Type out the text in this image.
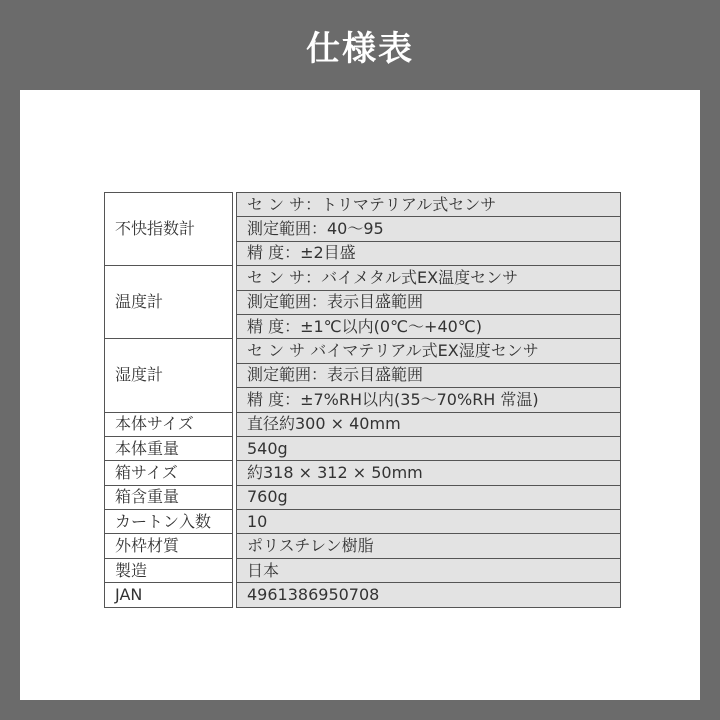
仕様表
不快指数計		セ ン サ：トリマテリアル式センサ
		測定範囲：40～95
		精 度：±2目盛
温度計		セ ン サ：バイメタル式EX温度センサ
		測定範囲：表示目盛範囲
		精 度：±1℃以内(0℃～+40℃)
湿度計		セ ン サ バイマテリアル式EX湿度センサ
		測定範囲：表示目盛範囲
		精 度：±7%RH以内(35～70%RH 常温)
本体サイズ		直径約300 × 40mm
本体重量		540g
箱サイズ		約318 × 312 × 50mm
箱含重量		760g
カートン入数		10
外枠材質		ポリスチレン樹脂
製造		日本
JAN		4961386950708
